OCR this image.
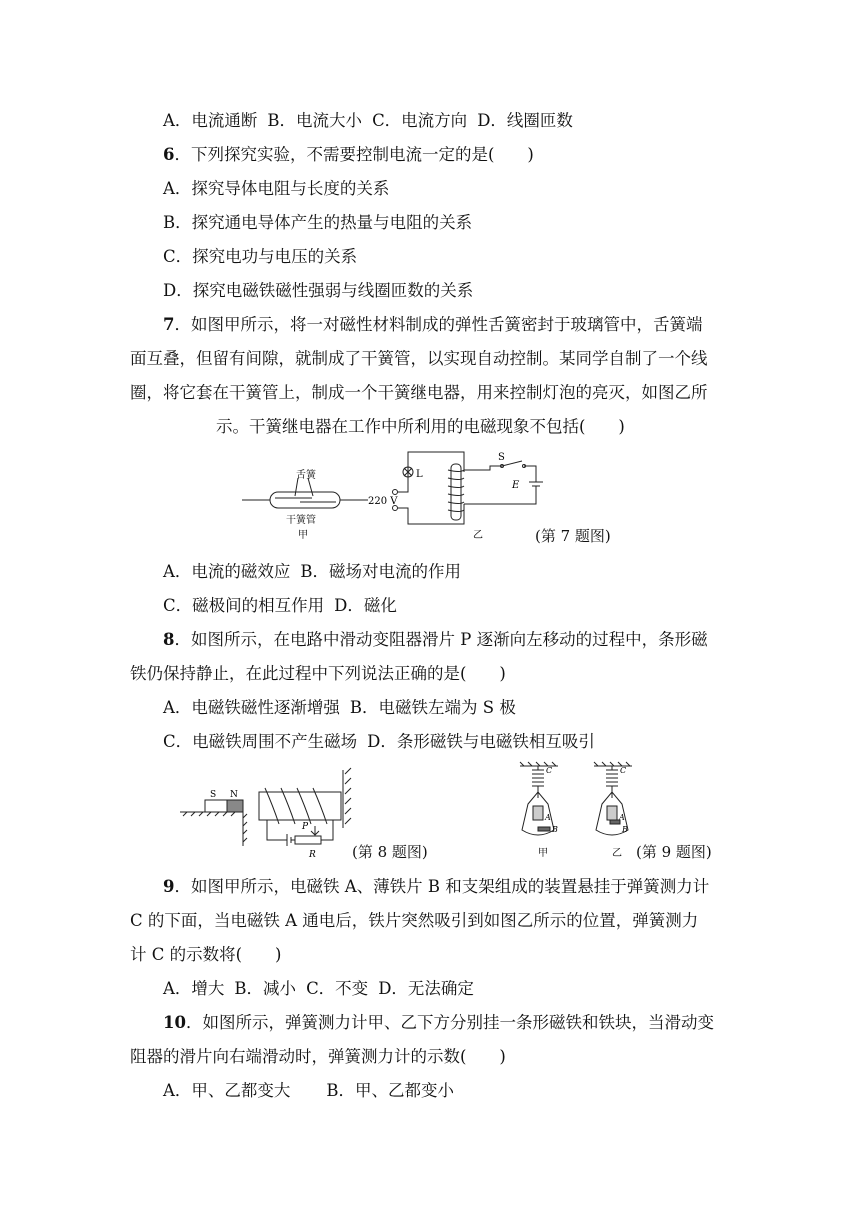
A．电流通断 B．电流大小 C．电流方向 D．线圈匝数
6．下列探究实验，不需要控制电流一定的是(　　)
A．探究导体电阻与长度的关系
B．探究通电导体产生的热量与电阻的关系
C．探究电功与电压的关系
D．探究电磁铁磁性强弱与线圈匝数的关系
7．如图甲所示，将一对磁性材料制成的弹性舌簧密封于玻璃管中，舌簧端
面互叠，但留有间隙，就制成了干簧管，以实现自动控制。某同学自制了一个线
圈，将它套在干簧管上，制成一个干簧继电器，用来控制灯泡的亮灭，如图乙所
示。干簧继电器在工作中所利用的电磁现象不包括(　　)
舌簧
干簧管
甲
L
220 V
S
E
乙	(第 7 题图)
A．电流的磁效应 B．磁场对电流的作用
C．磁极间的相互作用 D．磁化
8．如图所示，在电路中滑动变阻器滑片 P 逐渐向左移动的过程中，条形磁
铁仍保持静止，在此过程中下列说法正确的是(　　)
A．电磁铁磁性逐渐增强 B．电磁铁左端为 S 极
C．电磁铁周围不产生磁场 D．条形磁铁与电磁铁相互吸引
S N
P
R (第 8 题图)
C
A
B
甲
C
A
B
乙 (第 9 题图)
9．如图甲所示，电磁铁 A、薄铁片 B 和支架组成的装置悬挂于弹簧测力计
C 的下面，当电磁铁 A 通电后，铁片突然吸引到如图乙所示的位置，弹簧测力
计 C 的示数将(　　)
A．增大 B．减小 C．不变 D．无法确定
10．如图所示，弹簧测力计甲、乙下方分别挂一条形磁铁和铁块，当滑动变
阻器的滑片向右端滑动时，弹簧测力计的示数(　　)
A．甲、乙都变大 B．甲、乙都变小
